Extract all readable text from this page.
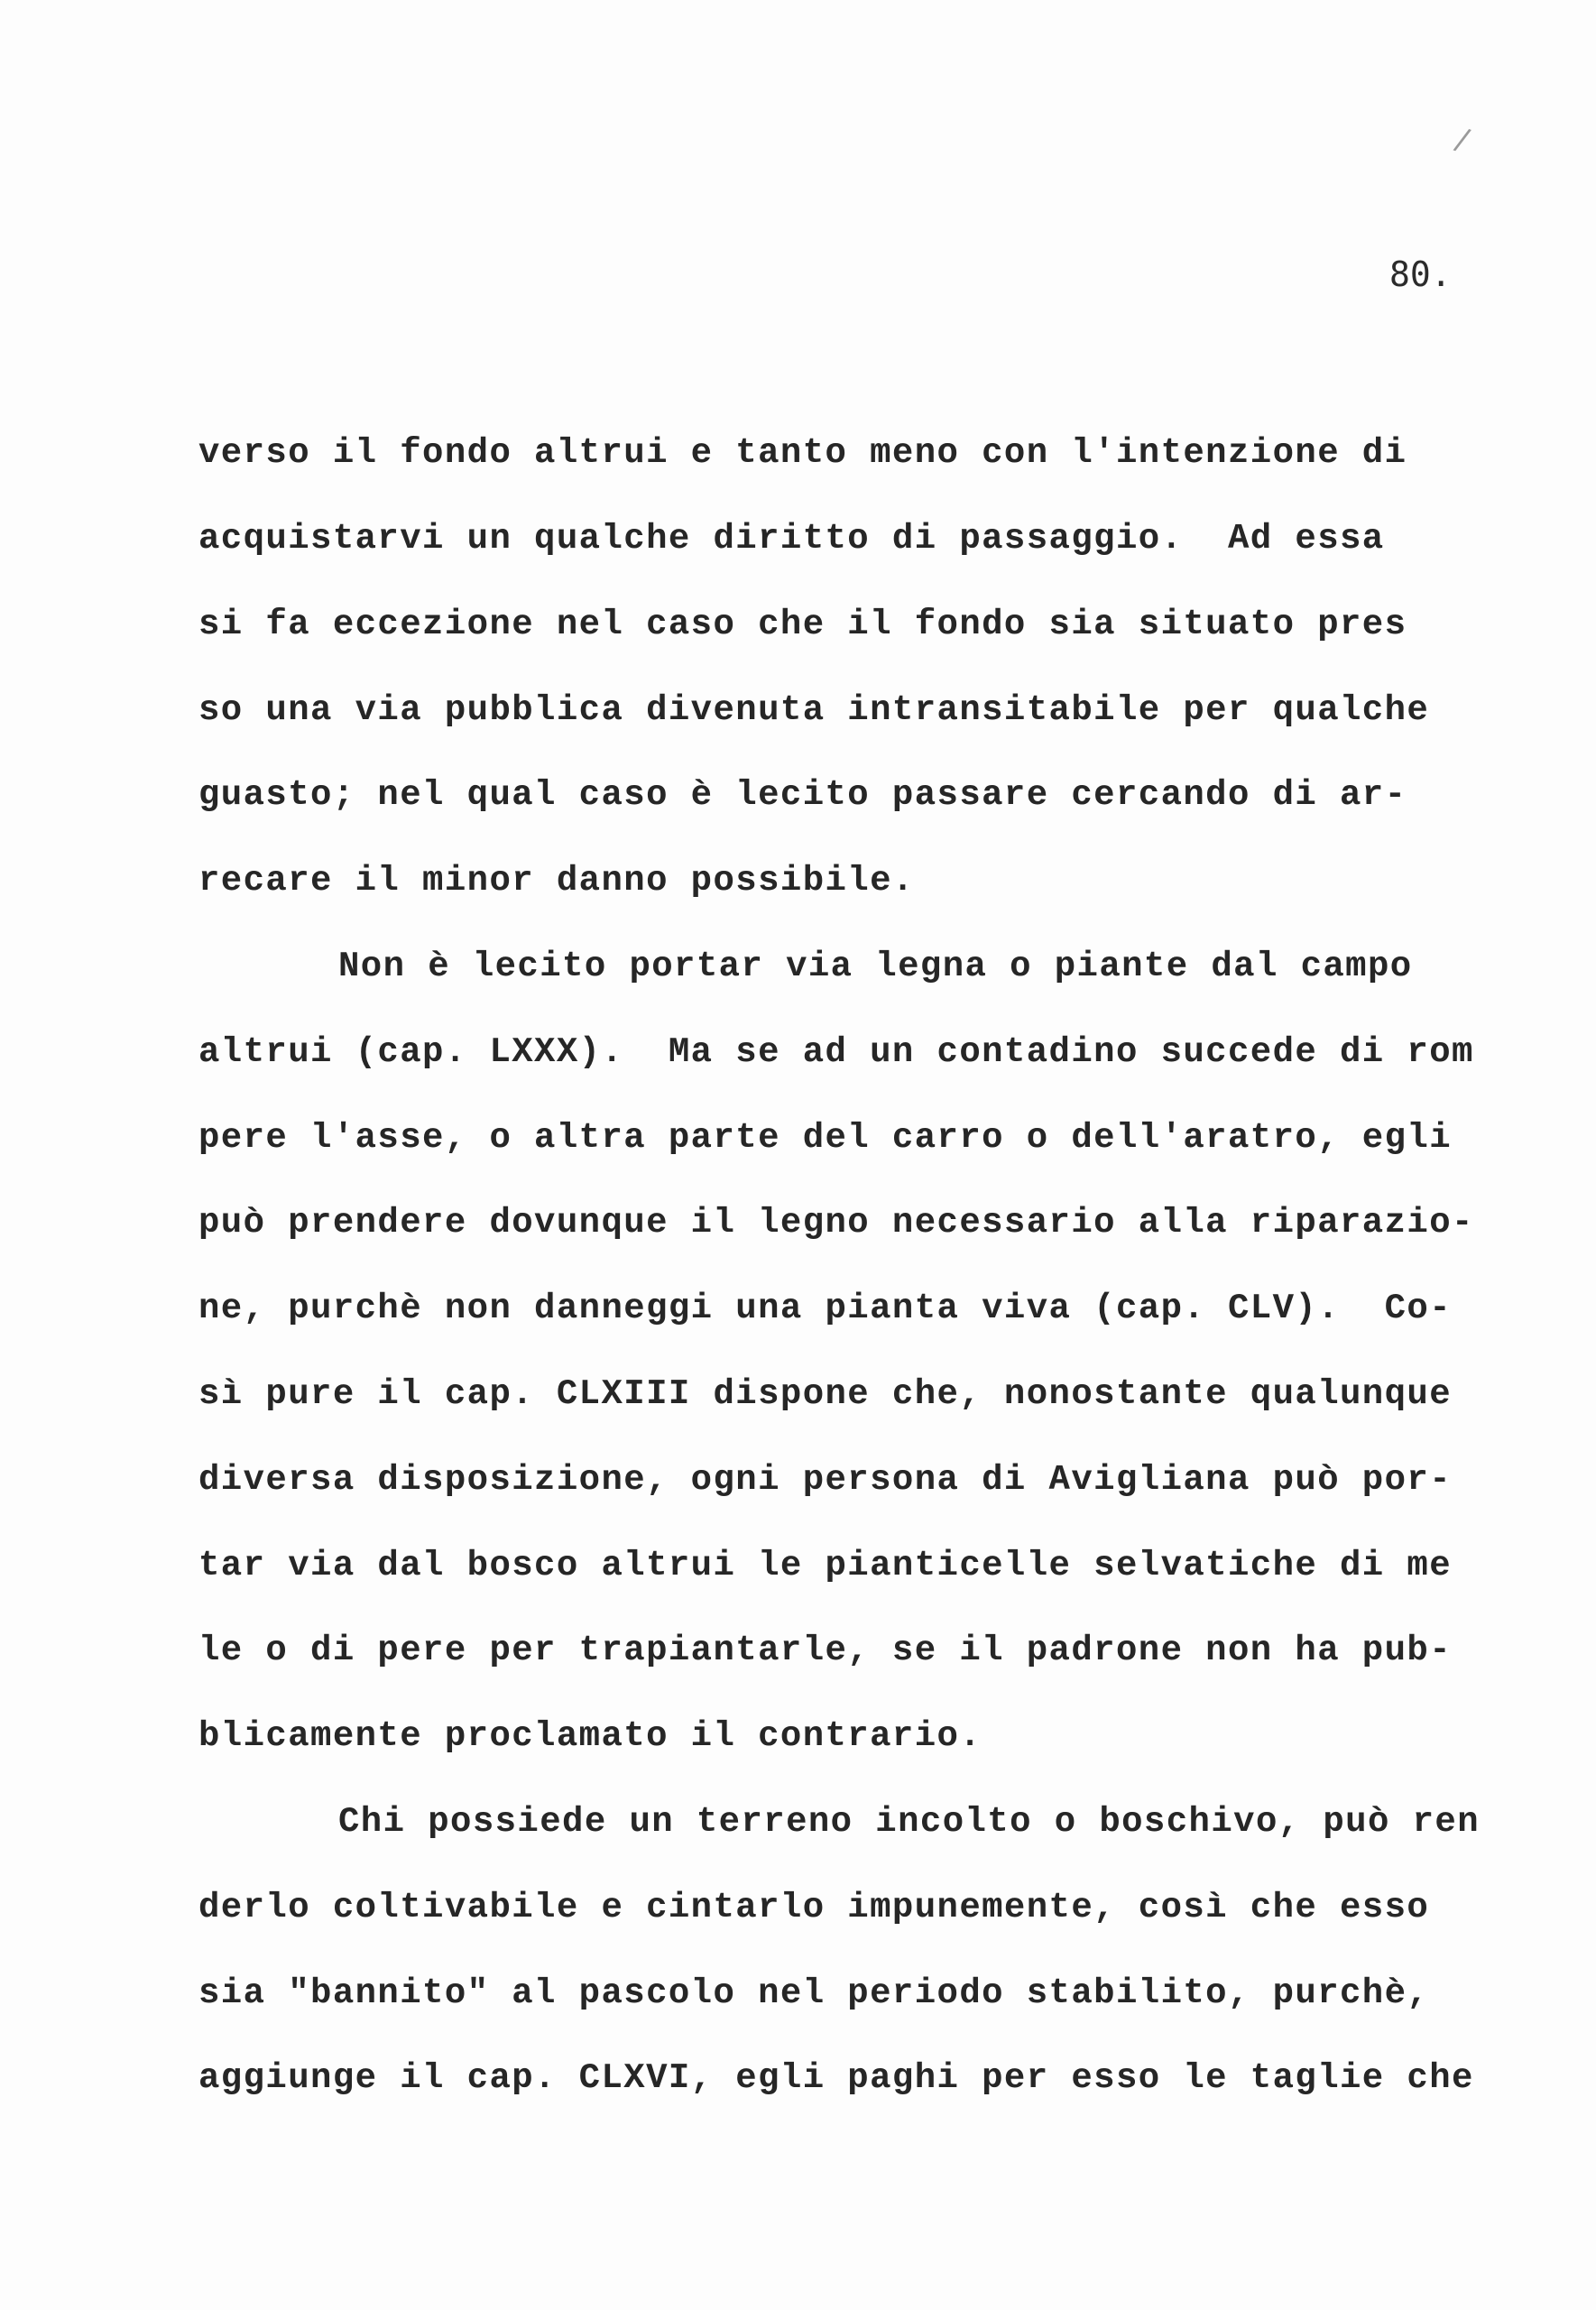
80.
verso il fondo altrui e tanto meno con l'intenzione di
acquistarvi un qualche diritto di passaggio.  Ad essa
si fa eccezione nel caso che il fondo sia situato pres
so una via pubblica divenuta intransitabile per qualche
guasto; nel qual caso è lecito passare cercando di ar-
recare il minor danno possibile.
Non è lecito portar via legna o piante dal campo
altrui (cap. LXXX).  Ma se ad un contadino succede di rom
pere l'asse, o altra parte del carro o dell'aratro, egli
può prendere dovunque il legno necessario alla riparazio-
ne, purchè non danneggi una pianta viva (cap. CLV).  Co-
sì pure il cap. CLXIII dispone che, nonostante qualunque
diversa disposizione, ogni persona di Avigliana può por-
tar via dal bosco altrui le pianticelle selvatiche di me
le o di pere per trapiantarle, se il padrone non ha pub-
blicamente proclamato il contrario.
Chi possiede un terreno incolto o boschivo, può ren
derlo coltivabile e cintarlo impunemente, così che esso
sia "bannito" al pascolo nel periodo stabilito, purchè,
aggiunge il cap. CLXVI, egli paghi per esso le taglie che
/
